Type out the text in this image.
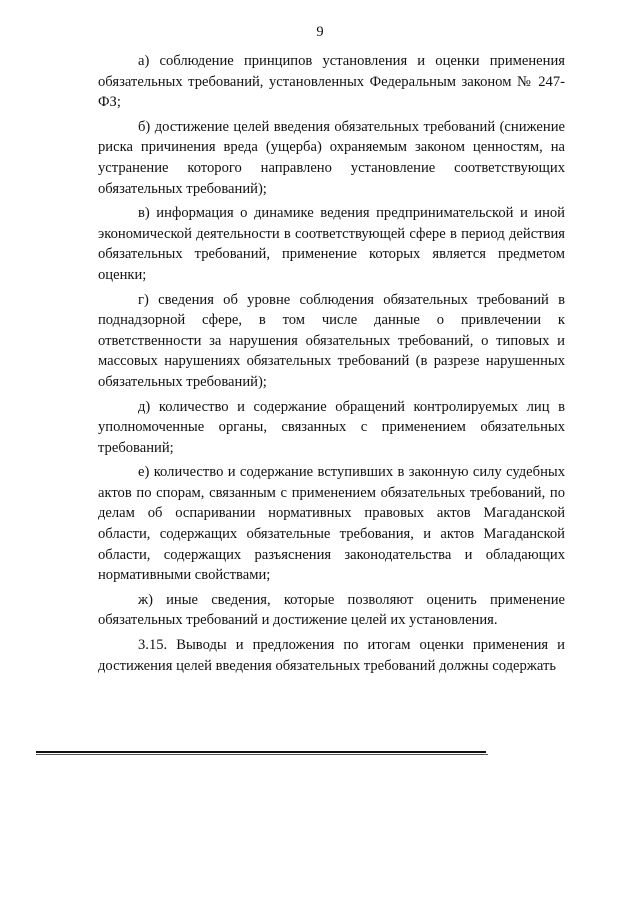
9

а) соблюдение принципов установления и оценки применения обязательных требований, установленных Федеральным законом № 247-ФЗ;

б) достижение целей введения обязательных требований (снижение риска причинения вреда (ущерба) охраняемым законом ценностям, на устранение которого направлено установление соответствующих обязательных требований);

в) информация о динамике ведения предпринимательской и иной экономической деятельности в соответствующей сфере в период действия обязательных требований, применение которых является предметом оценки;

г) сведения об уровне соблюдения обязательных требований в поднадзорной сфере, в том числе данные о привлечении к ответственности за нарушения обязательных требований, о типовых и массовых нарушениях обязательных требований (в разрезе нарушенных обязательных требований);

д) количество и содержание обращений контролируемых лиц в уполномоченные органы, связанных с применением обязательных требований;

е) количество и содержание вступивших в законную силу судебных актов по спорам, связанным с применением обязательных требований, по делам об оспаривании нормативных правовых актов Магаданской области, содержащих обязательные требования, и актов Магаданской области, содержащих разъяснения законодательства и обладающих нормативными свойствами;

ж) иные сведения, которые позволяют оценить применение обязательных требований и достижение целей их установления.

3.15. Выводы и предложения по итогам оценки применения и достижения целей введения обязательных требований должны содержать
